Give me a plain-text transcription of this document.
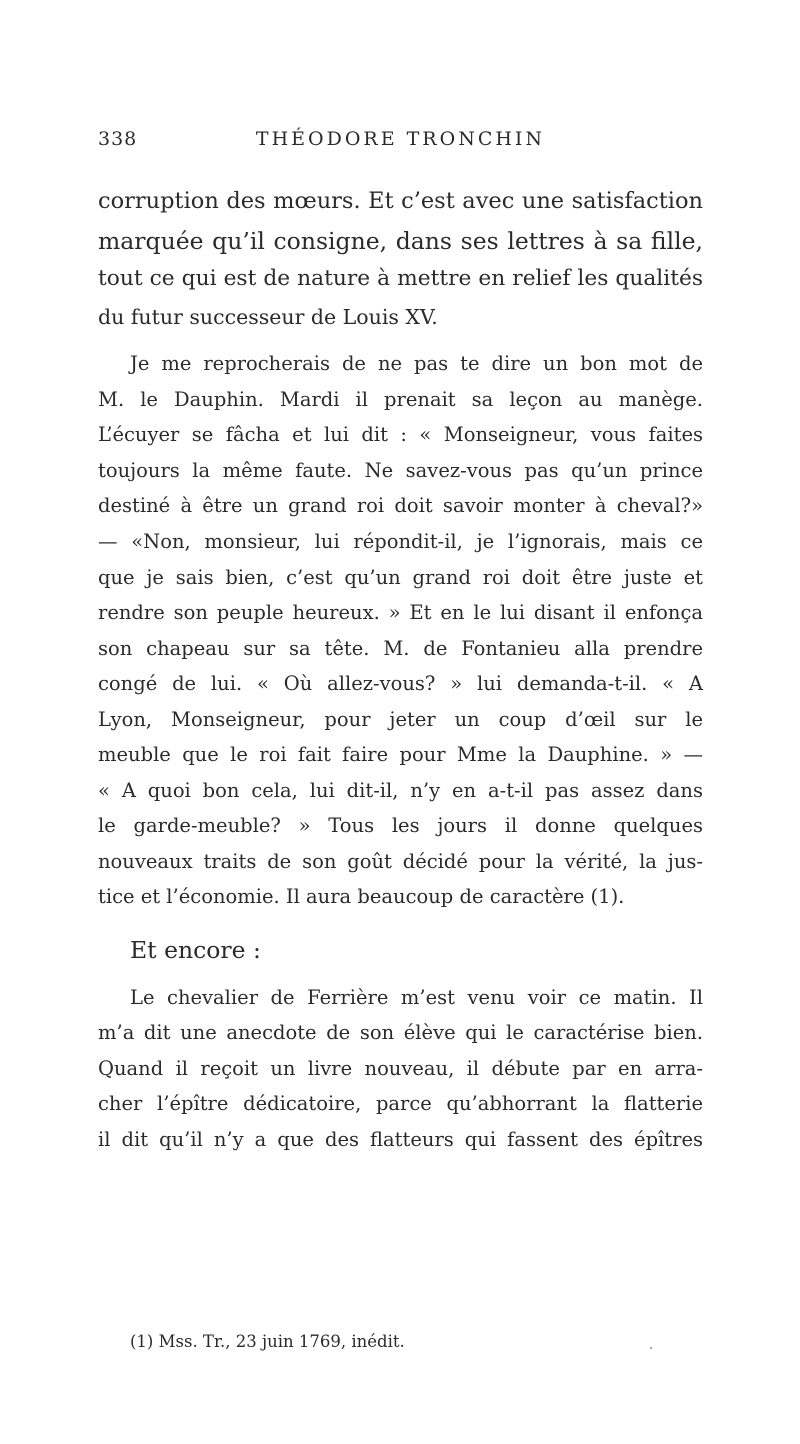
338	THÉODORE TRONCHIN
corruption des mœurs. Et c’est avec une satisfaction
marquée qu’il consigne, dans ses lettres à sa fille,
tout ce qui est de nature à mettre en relief les qualités
du futur successeur de Louis XV.
Je me reprocherais de ne pas te dire un bon mot de
M. le Dauphin. Mardi il prenait sa leçon au manège.
L’écuyer se fâcha et lui dit : « Monseigneur, vous faites
toujours la même faute. Ne savez-vous pas qu’un prince
destiné à être un grand roi doit savoir monter à cheval?»
— «Non, monsieur, lui répondit-il, je l’ignorais, mais ce
que je sais bien, c’est qu’un grand roi doit être juste et
rendre son peuple heureux. » Et en le lui disant il enfonça
son chapeau sur sa tête. M. de Fontanieu alla prendre
congé de lui. « Où allez-vous? » lui demanda-t-il. « A
Lyon, Monseigneur, pour jeter un coup d’œil sur le
meuble que le roi fait faire pour Mme la Dauphine. » —
« A quoi bon cela, lui dit-il, n’y en a-t-il pas assez dans
le garde-meuble? » Tous les jours il donne quelques
nouveaux traits de son goût décidé pour la vérité, la jus-
tice et l’économie. Il aura beaucoup de caractère (1).
Et encore :
Le chevalier de Ferrière m’est venu voir ce matin. Il
m’a dit une anecdote de son élève qui le caractérise bien.
Quand il reçoit un livre nouveau, il débute par en arra-
cher l’épître dédicatoire, parce qu’abhorrant la flatterie
il dit qu’il n’y a que des flatteurs qui fassent des épîtres
(1) Mss. Tr., 23 juin 1769, inédit.
